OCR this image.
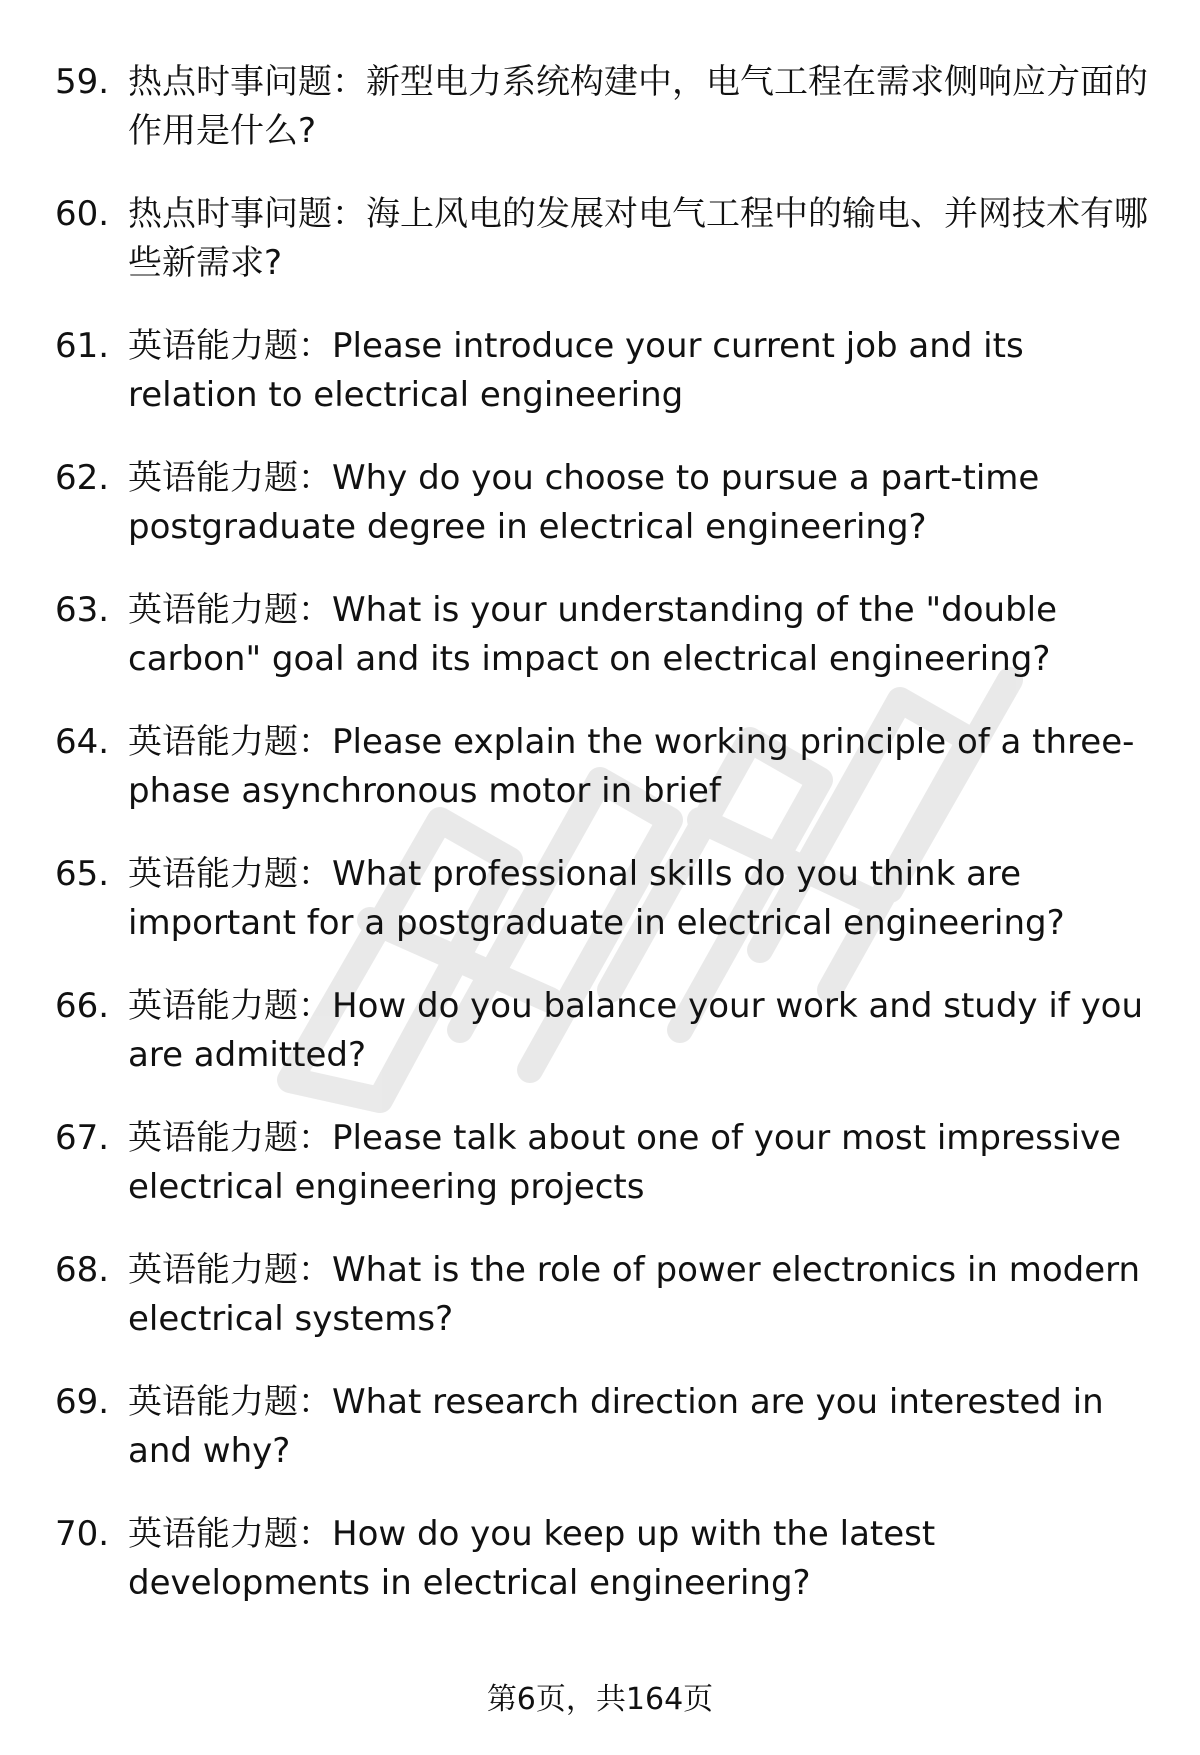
59. 热点时事问题：新型电力系统构建中，电气工程在需求侧响应方面的作用是什么?
60. 热点时事问题：海上风电的发展对电气工程中的输电、并网技术有哪些新需求?
61. 英语能力题：Please introduce your current job and its relation to electrical engineering
62. 英语能力题：Why do you choose to pursue a part-time postgraduate degree in electrical engineering?
63. 英语能力题：What is your understanding of the "double carbon" goal and its impact on electrical engineering?
64. 英语能力题：Please explain the working principle of a three-phase asynchronous motor in brief
65. 英语能力题：What professional skills do you think are important for a postgraduate in electrical engineering?
66. 英语能力题：How do you balance your work and study if you are admitted?
67. 英语能力题：Please talk about one of your most impressive electrical engineering projects
68. 英语能力题：What is the role of power electronics in modern electrical systems?
69. 英语能力题：What research direction are you interested in and why?
70. 英语能力题：How do you keep up with the latest developments in electrical engineering?
第6页，共164页
